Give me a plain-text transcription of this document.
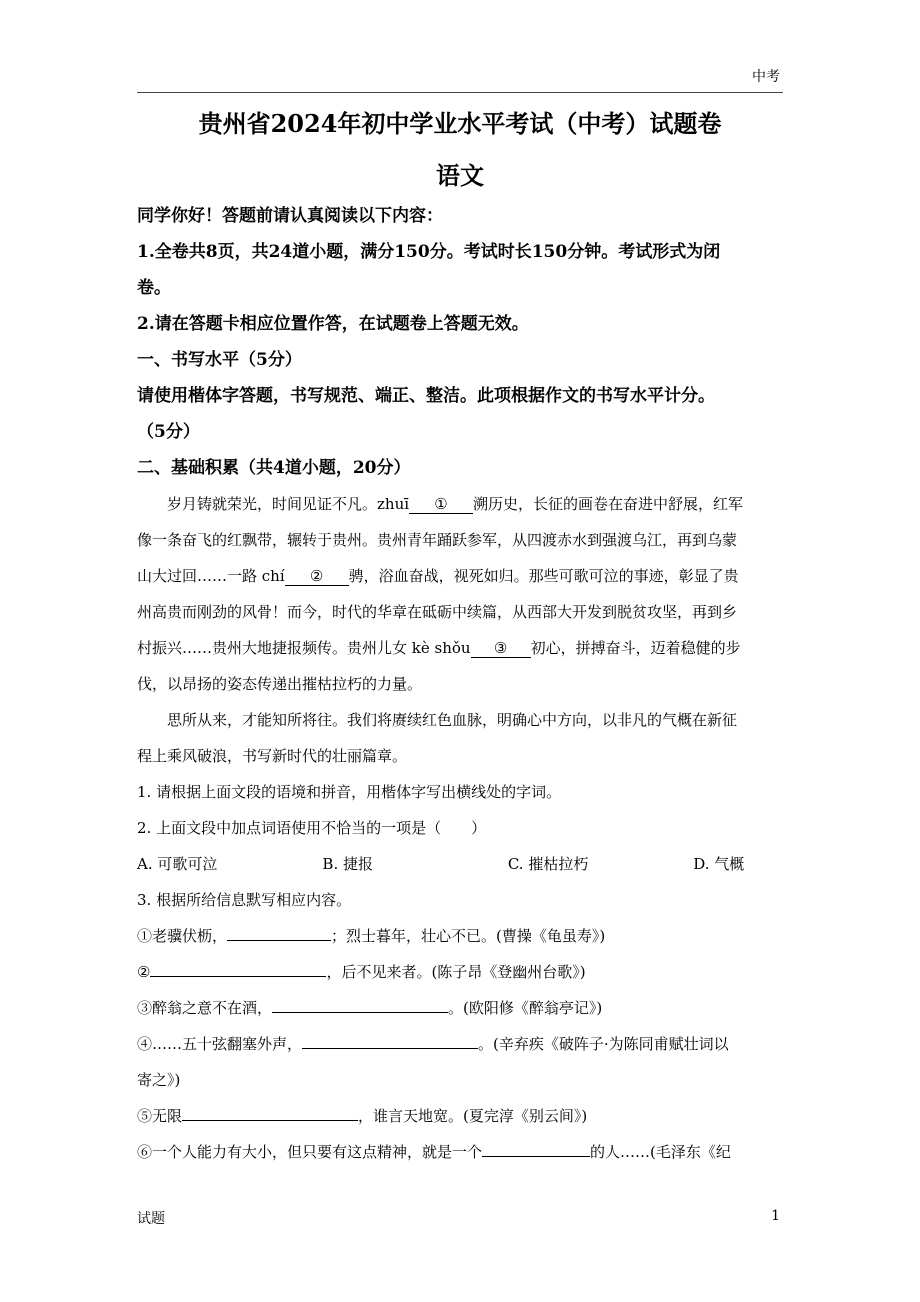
中考
贵州省2024年初中学业水平考试（中考）试题卷
语文
同学你好！答题前请认真阅读以下内容：
1.全卷共8页，共24道小题，满分150分。考试时长150分钟。考试形式为闭
卷。
2.请在答题卡相应位置作答，在试题卷上答题无效。
一、书写水平（5分）
请使用楷体字答题，书写规范、端正、整洁。此项根据作文的书写水平计分。
（5分）
二、基础积累（共4道小题，20分）
岁月铸就荣光，时间见证不凡。zhuī ① 溯历史，长征的画卷在奋进中舒展，红军
像一条奋飞的红飘带，辗转于贵州。贵州青年踊跃参军，从四渡赤水到强渡乌江，再到乌蒙
山大过回……一路 chí ② 骋，浴血奋战，视死如归。那些可歌可泣的事迹，彰显了贵
州高贵而刚劲的风骨！而今，时代的华章在砥砺中续篇，从西部大开发到脱贫攻坚，再到乡
村振兴……贵州大地捷报频传。贵州儿女 kè shǒu ③ 初心，拼搏奋斗，迈着稳健的步
伐，以昂扬的姿态传递出摧枯拉朽的力量。
思所从来，才能知所将往。我们将赓续红色血脉，明确心中方向，以非凡的气概在新征
程上乘风破浪，书写新时代的壮丽篇章。
1. 请根据上面文段的语境和拼音，用楷体字写出横线处的字词。
2. 上面文段中加点词语使用不恰当的一项是（　　）
A. 可歌可泣	B. 捷报	C. 摧枯拉朽	D. 气概
3. 根据所给信息默写相应内容。
①老骥伏枥，	；烈士暮年，壮心不已。(曹操《龟虽寿》)
②	，后不见来者。(陈子昂《登幽州台歌》)
③醉翁之意不在酒，	。(欧阳修《醉翁亭记》)
④……五十弦翻塞外声，	。(辛弃疾《破阵子·为陈同甫赋壮词以
寄之》)
⑤无限	，谁言天地宽。(夏完淳《别云间》)
⑥一个人能力有大小，但只要有这点精神，就是一个	的人……(毛泽东《纪
试题	1
